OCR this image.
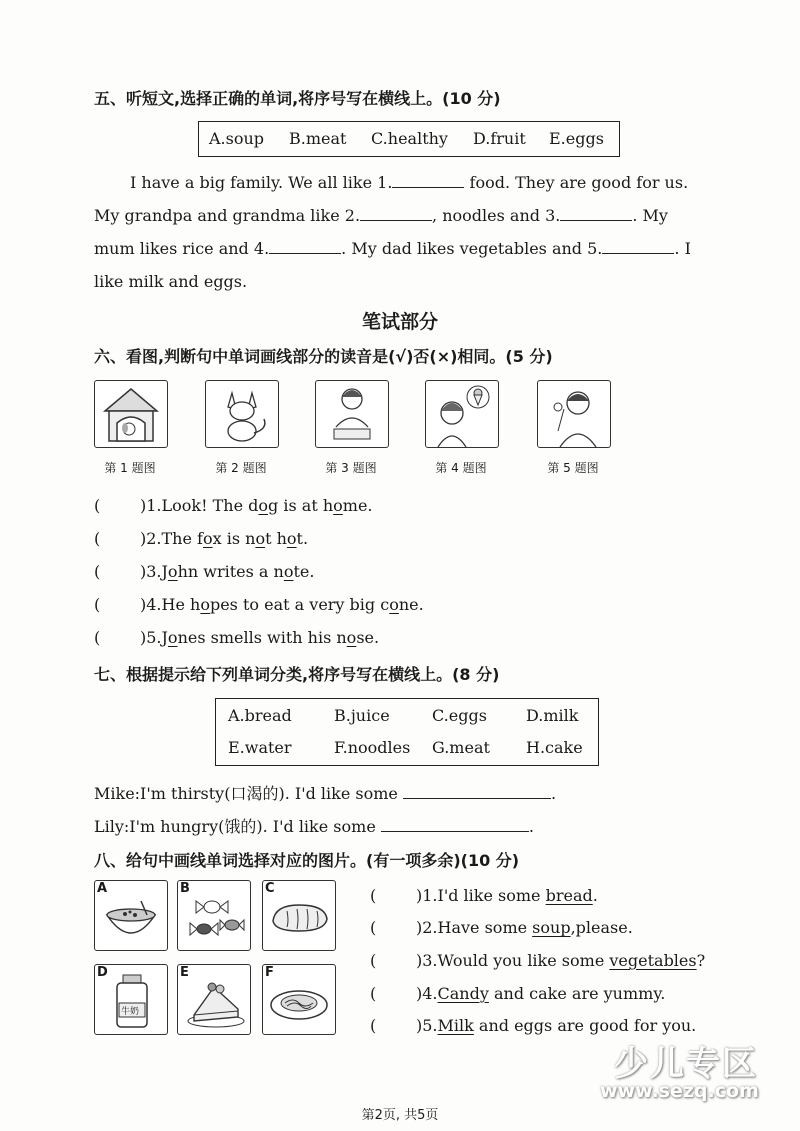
五、听短文,选择正确的单词,将序号写在横线上。(10 分)
A.soup B.meat C.healthy D.fruit E.eggs
I have a big family. We all like 1.	food. They are good for us.
My grandpa and grandma like 2.	, noodles and 3.	. My
mum likes rice and 4.	. My dad likes vegetables and 5.	. I
like milk and eggs.
笔试部分
六、看图,判断句中单词画线部分的读音是(√)否(×)相同。(5 分)
第 1 题图	第 2 题图	第 3 题图	第 4 题图	第 5 题图
( )1.Look! The dog is at home.
( )2.The fox is not hot.
( )3.John writes a note.
( )4.He hopes to eat a very big cone.
( )5.Jones smells with his nose.
七、根据提示给下列单词分类,将序号写在横线上。(8 分)
A.bread	B.juice	C.eggs D.milk
E.water	F.noodles G.meat H.cake
Mike:I'm thirsty(口渴的). I'd like some	.
Lily:I'm hungry(饿的). I'd like some	.
八、给句中画线单词选择对应的图片。(有一项多余)(10 分)
A	B	C
D
牛奶
E	F
( )1.I'd like some bread.
( )2.Have some soup,please.
( )3.Would you like some vegetables?
( )4.Candy and cake are yummy.
( )5.Milk and eggs are good for you.
少儿专区
www.sezq.com
第2页, 共5页
